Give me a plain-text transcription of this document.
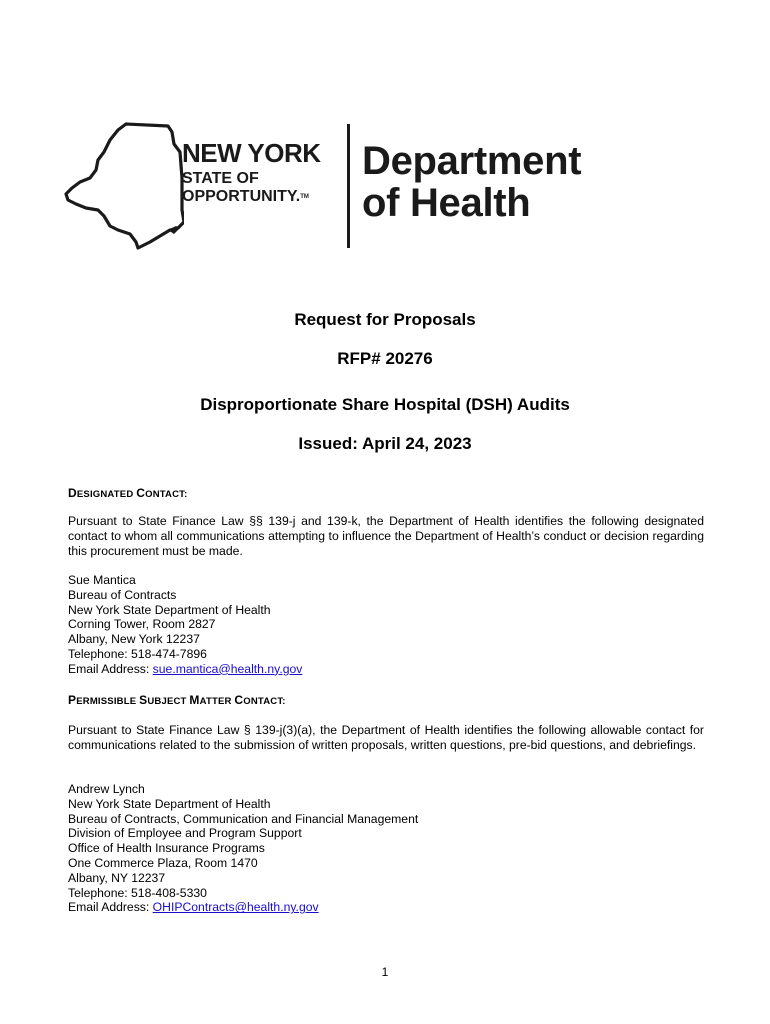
NEW YORK
STATE OF
OPPORTUNITY.TM
Department
of Health
Request for Proposals
RFP# 20276
Disproportionate Share Hospital (DSH) Audits
Issued: April 24, 2023
DESIGNATED CONTACT:
Pursuant to State Finance Law §§ 139-j and 139-k, the Department of Health identifies the following designated contact to whom all communications attempting to influence the Department of Health’s conduct or decision regarding this procurement must be made.
Sue Mantica
Bureau of Contracts
New York State Department of Health
Corning Tower, Room 2827
Albany, New York 12237
Telephone: 518-474-7896
Email Address: sue.mantica@health.ny.gov
PERMISSIBLE SUBJECT MATTER CONTACT:
Pursuant to State Finance Law § 139-j(3)(a), the Department of Health identifies the following allowable contact for communications related to the submission of written proposals, written questions, pre-bid questions, and debriefings.
Andrew Lynch
New York State Department of Health
Bureau of Contracts, Communication and Financial Management
Division of Employee and Program Support
Office of Health Insurance Programs
One Commerce Plaza, Room 1470
Albany, NY 12237
Telephone: 518-408-5330
Email Address: OHIPContracts@health.ny.gov
1
